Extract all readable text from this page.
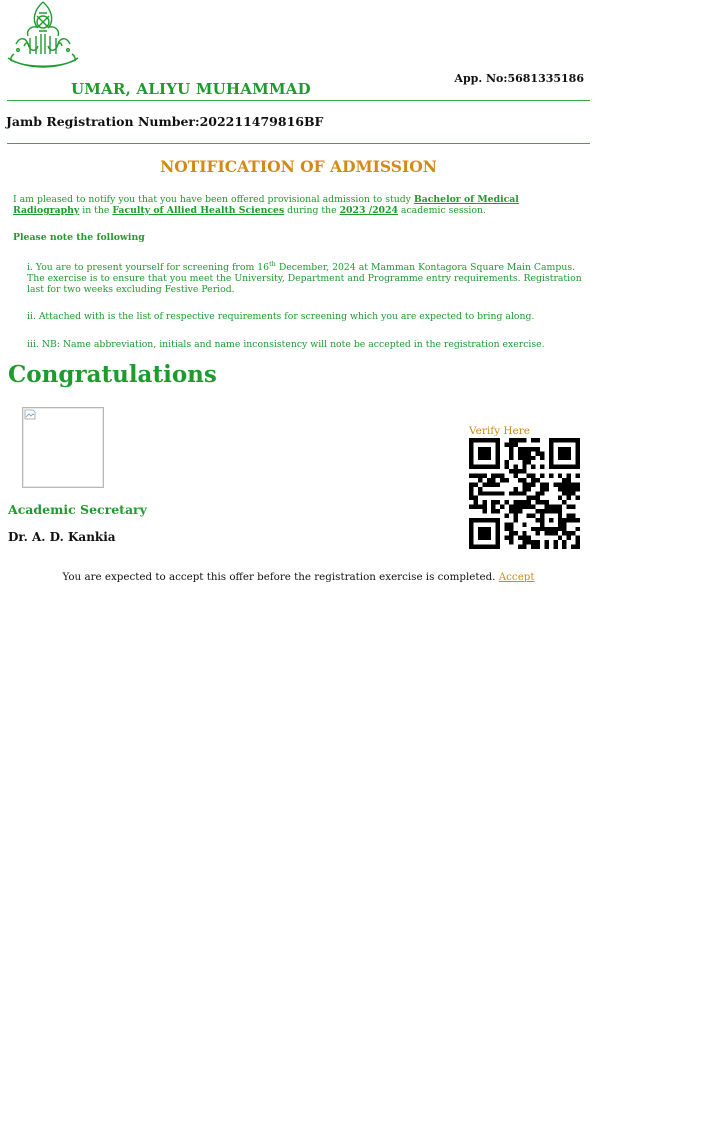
UMAR, ALIYU MUHAMMAD
App. No:5681335186
Jamb Registration Number:202211479816BF
NOTIFICATION OF ADMISSION
I am pleased to notify you that you have been offered provisional admission to study Bachelor of Medical Radiography in the Faculty of Allied Health Sciences during the 2023 /2024 academic session.
Please note the following
i. You are to present yourself for screening from 16th December, 2024 at Mamman Kontagora Square Main Campus. The exercise is to ensure that you meet the University, Department and Programme entry requirements. Registration last for two weeks excluding Festive Period.
ii. Attached with is the list of respective requirements for screening which you are expected to bring along.
iii. NB: Name abbreviation, initials and name inconsistency will note be accepted in the registration exercise.
Congratulations
Academic Secretary
Dr. A. D. Kankia
Verify Here
You are expected to accept this offer before the registration exercise is completed. Accept
